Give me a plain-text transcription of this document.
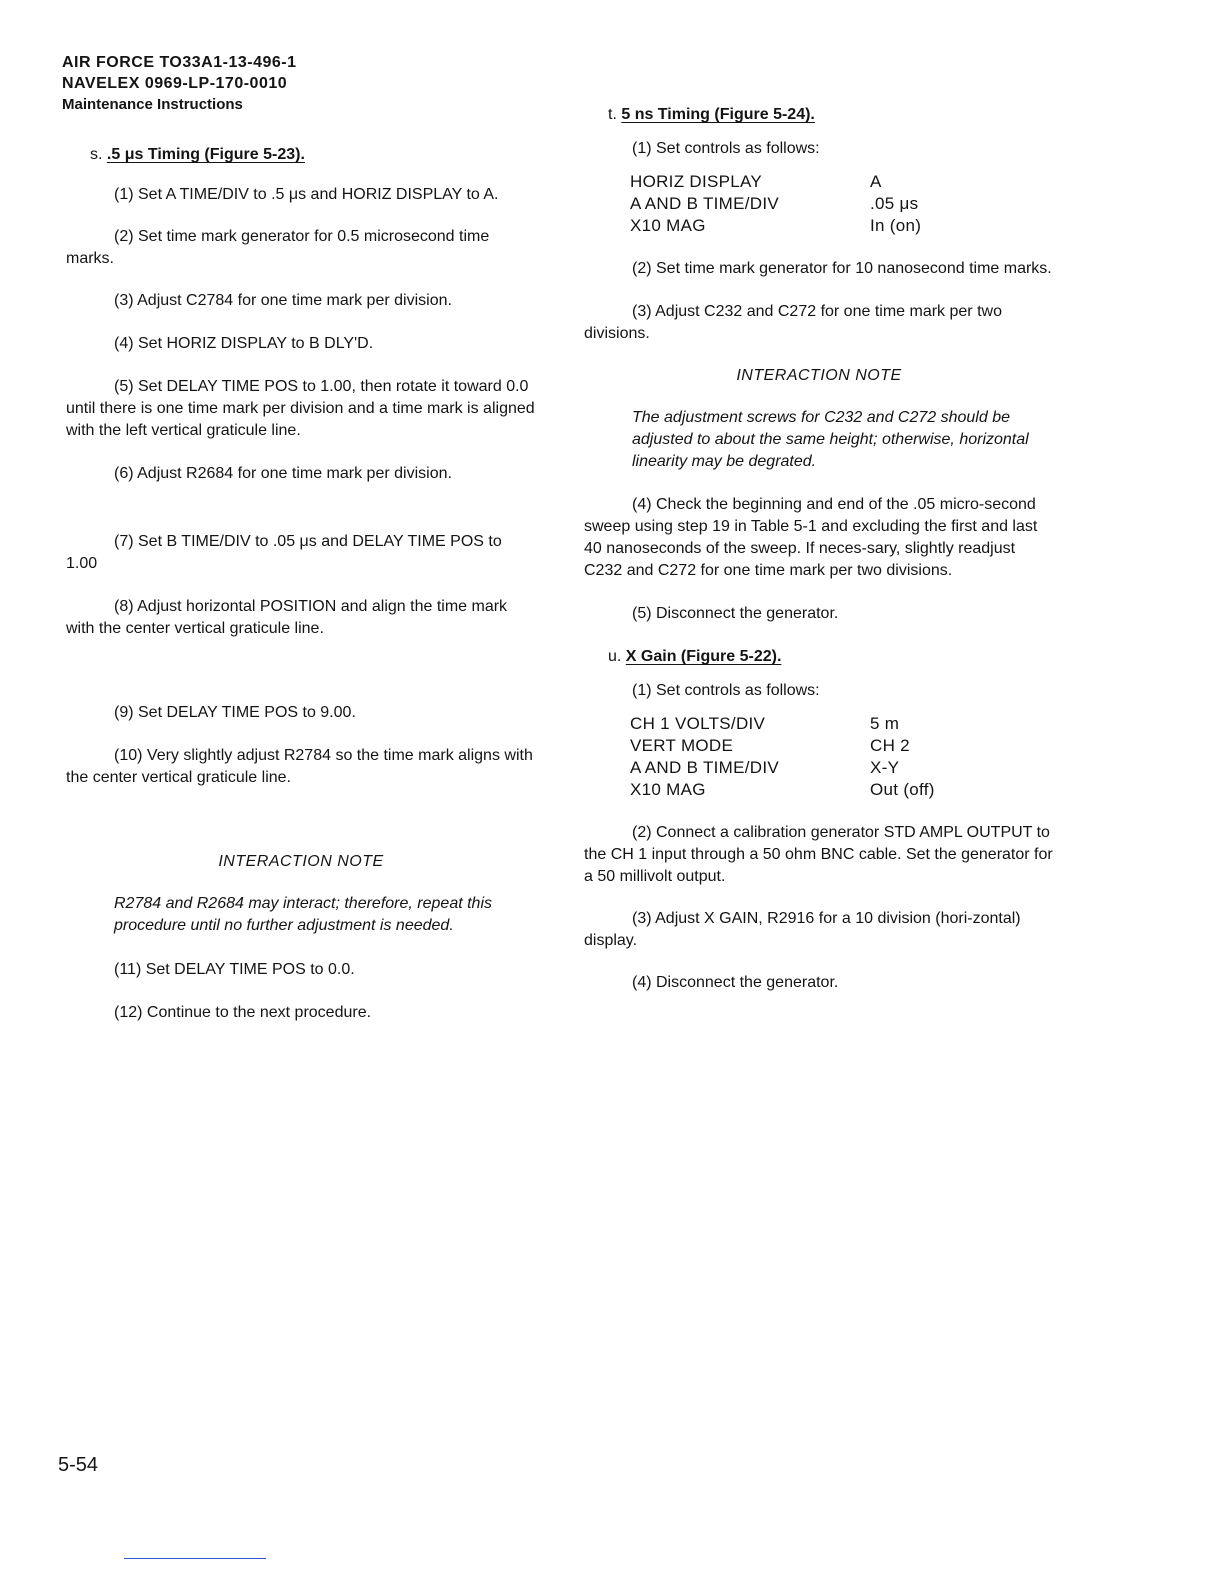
AIR FORCE TO33A1-13-496-1
NAVELEX 0969-LP-170-0010
Maintenance Instructions
s. .5 μs Timing (Figure 5-23).

(1) Set A TIME/DIV to .5 μs and HORIZ DISPLAY to A.

(2) Set time mark generator for 0.5 microsecond time marks.

(3) Adjust C2784 for one time mark per division.

(4) Set HORIZ DISPLAY to B DLY'D.

(5) Set DELAY TIME POS to 1.00, then rotate it toward 0.0 until there is one time mark per division and a time mark is aligned with the left vertical graticule line.

(6) Adjust R2684 for one time mark per division.

(7) Set B TIME/DIV to .05 μs and DELAY TIME POS to 1.00

(8) Adjust horizontal POSITION and align the time mark with the center vertical graticule line.

(9) Set DELAY TIME POS to 9.00.

(10) Very slightly adjust R2784 so the time mark aligns with the center vertical graticule line.

INTERACTION NOTE
R2784 and R2684 may interact; therefore, repeat this procedure until no further adjustment is needed.

(11) Set DELAY TIME POS to 0.0.

(12) Continue to the next procedure.

t. 5 ns Timing (Figure 5-24).

(1) Set controls as follows:

HORIZ DISPLAY	A
A AND B TIME/DIV	.05 μs
X10 MAG	In (on)

(2) Set time mark generator for 10 nanosecond time marks.

(3) Adjust C232 and C272 for one time mark per two divisions.

INTERACTION NOTE
The adjustment screws for C232 and C272 should be adjusted to about the same height; otherwise, horizontal linearity may be degrated.

(4) Check the beginning and end of the .05 micro-second sweep using step 19 in Table 5-1 and excluding the first and last 40 nanoseconds of the sweep. If neces-sary, slightly readjust C232 and C272 for one time mark per two divisions.

(5) Disconnect the generator.

u. X Gain (Figure 5-22).

(1) Set controls as follows:

CH 1 VOLTS/DIV	5 m
VERT MODE	CH 2
A AND B TIME/DIV	X-Y
X10 MAG	Out (off)

(2) Connect a calibration generator STD AMPL OUTPUT to the CH 1 input through a 50 ohm BNC cable. Set the generator for a 50 millivolt output.

(3) Adjust X GAIN, R2916 for a 10 division (hori-zontal) display.

(4) Disconnect the generator.

5-54
